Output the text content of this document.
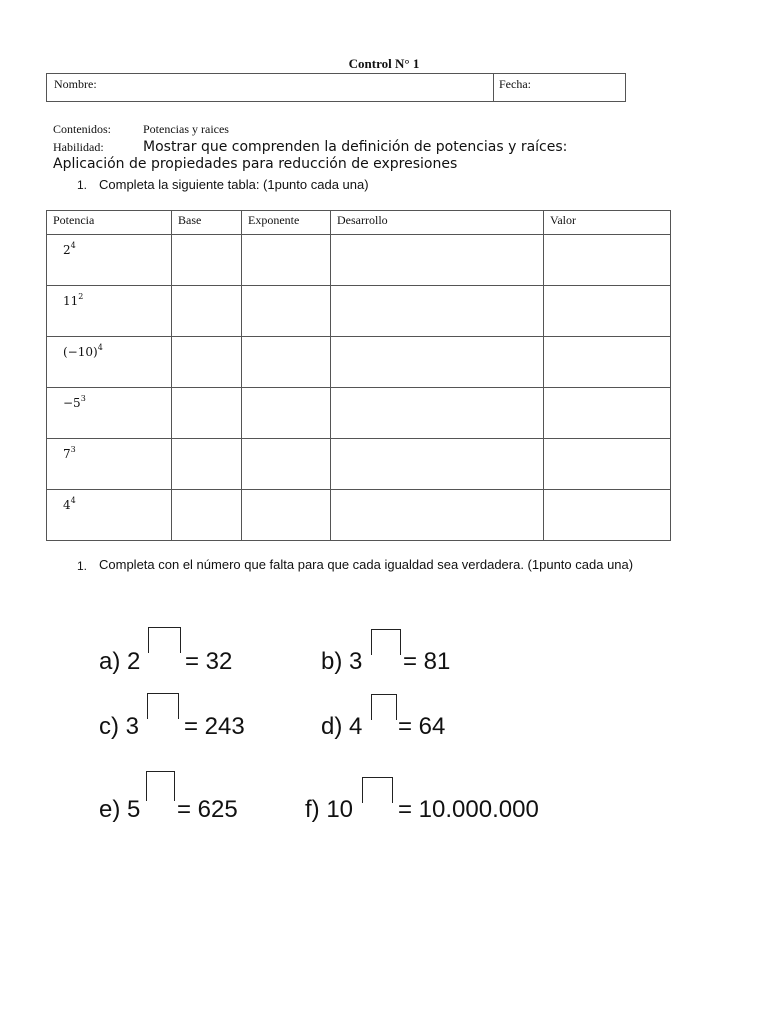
Control N° 1
Nombre:	Fecha:
Contenidos:	Potencias y raices
Habilidad:	Mostrar que comprenden la definición de potencias y raíces:
Aplicación de propiedades para reducción de expresiones
1. Completa la siguiente tabla: (1punto cada una)
Potencia	Base	Exponente	Desarrollo	Valor
$2^4$				
$11^2$				
$(-10)^4$				
$-5^3$				
$7^3$				
$4^4$				
1. Completa con el número que falta para que cada igualdad sea verdadera. (1punto cada una)
a) 2 = 32	b) 3 = 81
c) 3 = 243	d) 4 = 64
e) 5 = 625	f) 10 = 10.000.000
